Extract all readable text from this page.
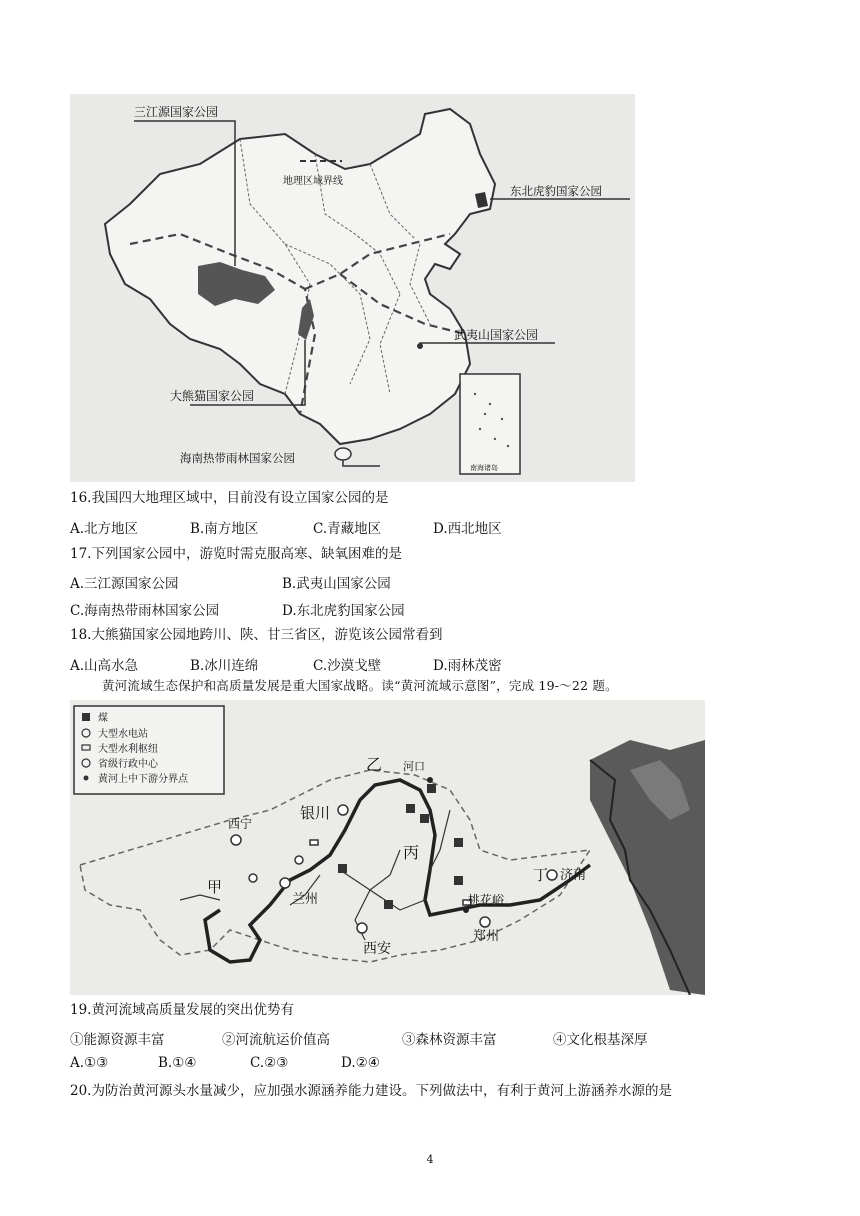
三江源国家公园
地理区域界线
东北虎豹国家公园
武夷山国家公园
大熊猫国家公园
海南热带雨林国家公园
南海诸岛
16.我国四大地理区域中，目前没有设立国家公园的是
A.北方地区	B.南方地区	C.青藏地区	D.西北地区
17.下列国家公园中，游览时需克服高寒、缺氧困难的是
A.三江源国家公园	B.武夷山国家公园
C.海南热带雨林国家公园	D.东北虎豹国家公园
18.大熊猫国家公园地跨川、陕、甘三省区，游览该公园常看到
A.山高水急	B.冰川连绵	C.沙漠戈壁	D.雨林茂密
黄河流域生态保护和高质量发展是重大国家战略。读“黄河流域示意图”，完成 19-～22 题。
煤
大型水电站
大型水利枢纽
省级行政中心
黄河上中下游分界点
乙 河口
银川
西宁
丙
甲
兰州
丁 济南
桃花峪
郑州
西安
19.黄河流域高质量发展的突出优势有
①能源资源丰富	②河流航运价值高	③森林资源丰富	④文化根基深厚
A.①③	B.①④	C.②③	D.②④
20.为防治黄河源头水量减少，应加强水源涵养能力建设。下列做法中，有利于黄河上游涵养水源的是
4
